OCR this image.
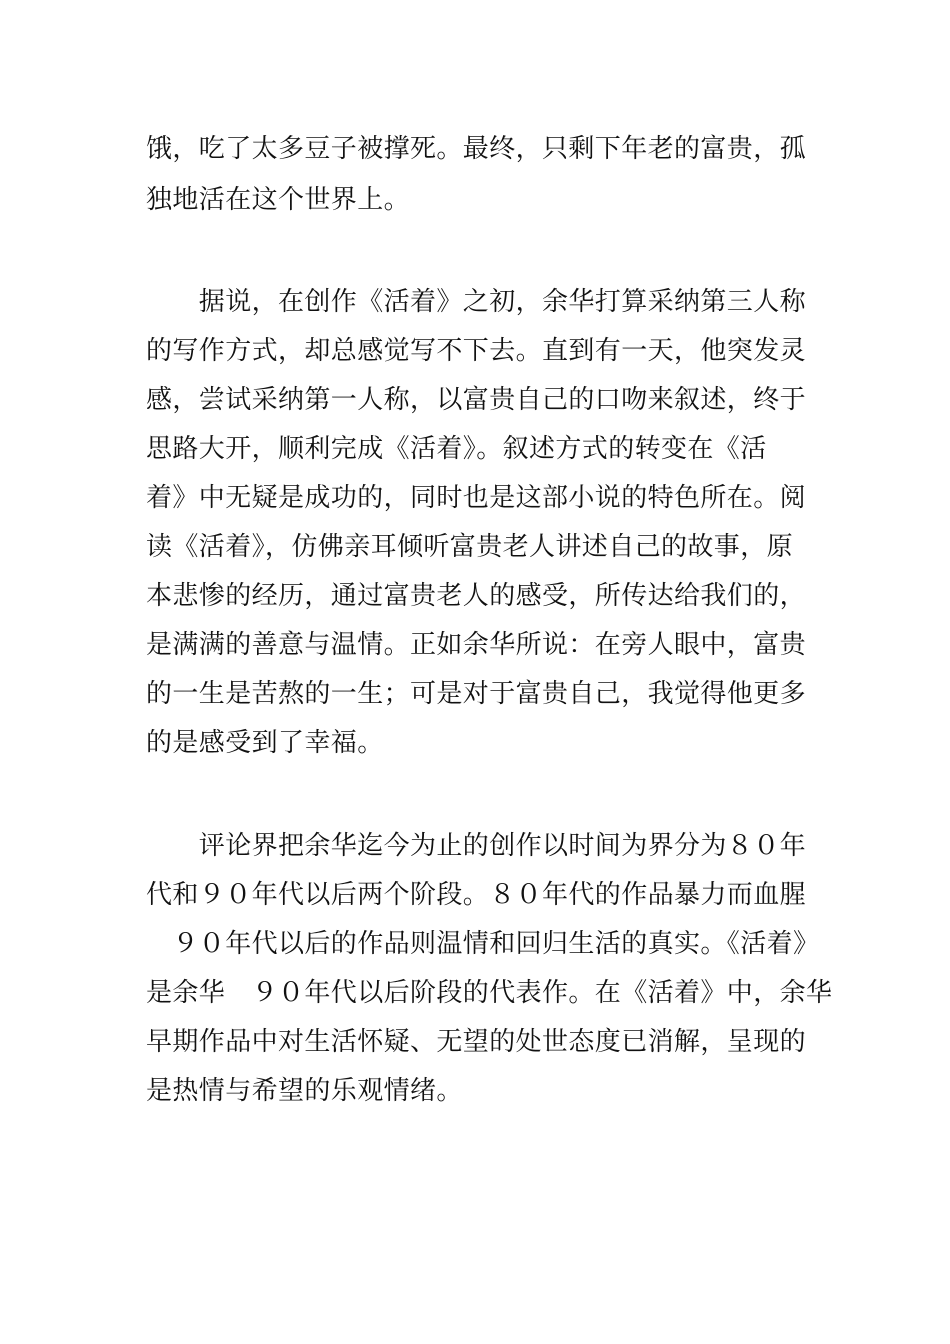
饿，吃了太多豆子被撑死。最终，只剩下年老的富贵，孤
独地活在这个世界上。
　　据说，在创作《活着》之初，余华打算采纳第三人称
的写作方式，却总感觉写不下去。直到有一天，他突发灵
感，尝试采纳第一人称，以富贵自己的口吻来叙述，终于
思路大开，顺利完成《活着》。叙述方式的转变在《活
着》中无疑是成功的，同时也是这部小说的特色所在。阅
读《活着》，仿佛亲耳倾听富贵老人讲述自己的故事，原
本悲惨的经历，通过富贵老人的感受，所传达给我们的，
是满满的善意与温情。正如余华所说：在旁人眼中，富贵
的一生是苦熬的一生；可是对于富贵自己，我觉得他更多
的是感受到了幸福。
　　评论界把余华迄今为止的创作以时间为界分为８０年
代和９０年代以后两个阶段。８０年代的作品暴力而血腥
　９０年代以后的作品则温情和回归生活的真实。《活着》
是余华　９０年代以后阶段的代表作。在《活着》中，余华
早期作品中对生活怀疑、无望的处世态度已消解，呈现的
是热情与希望的乐观情绪。
